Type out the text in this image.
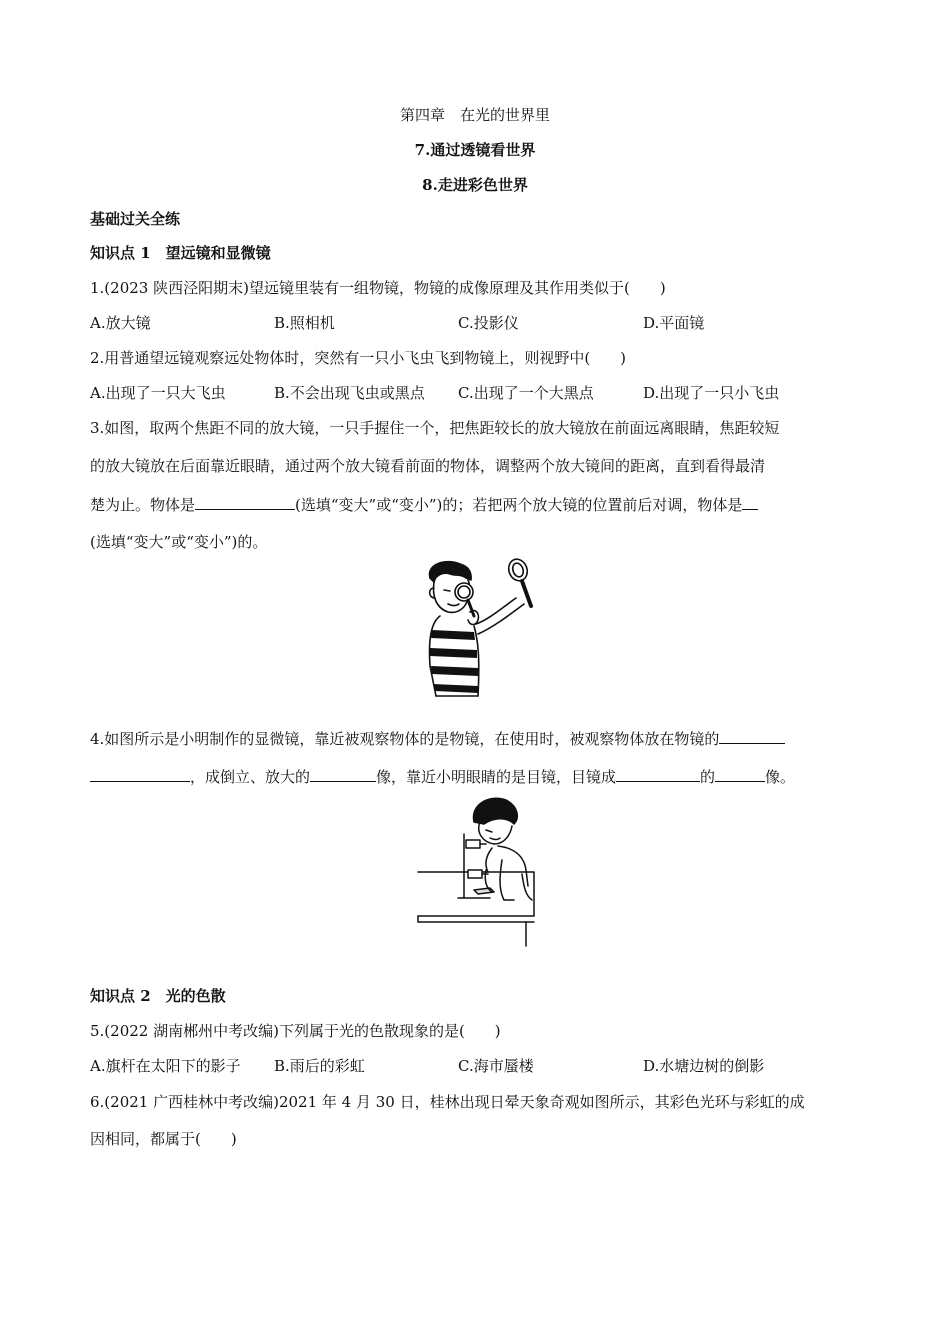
第四章　在光的世界里
7.通过透镜看世界
8.走进彩色世界
基础过关全练
知识点 1　望远镜和显微镜
1.(2023 陕西泾阳期末)望远镜里装有一组物镜，物镜的成像原理及其作用类似于(　　)
A.放大镜	B.照相机	C.投影仪	D.平面镜
2.用普通望远镜观察远处物体时，突然有一只小飞虫飞到物镜上，则视野中(　　)
A.出现了一只大飞虫	B.不会出现飞虫或黑点 C.出现了一个大黑点	D.出现了一只小飞虫
3.如图，取两个焦距不同的放大镜，一只手握住一个，把焦距较长的放大镜放在前面远离眼睛，焦距较短
的放大镜放在后面靠近眼睛，通过两个放大镜看前面的物体，调整两个放大镜间的距离，直到看得最清
楚为止。物体是	(选填“变大”或“变小”)的；若把两个放大镜的位置前后对调，物体是
(选填“变大”或“变小”)的。
4.如图所示是小明制作的显微镜，靠近被观察物体的是物镜，在使用时，被观察物体放在物镜的
，成倒立、放大的	像，靠近小明眼睛的是目镜，目镜成	的	像。
知识点 2　光的色散
5.(2022 湖南郴州中考改编)下列属于光的色散现象的是(　　)
A.旗杆在太阳下的影子 B.雨后的彩虹	C.海市蜃楼	D.水塘边树的倒影
6.(2021 广西桂林中考改编)2021 年 4 月 30 日，桂林出现日晕天象奇观如图所示，其彩色光环与彩虹的成
因相同，都属于(　　)
